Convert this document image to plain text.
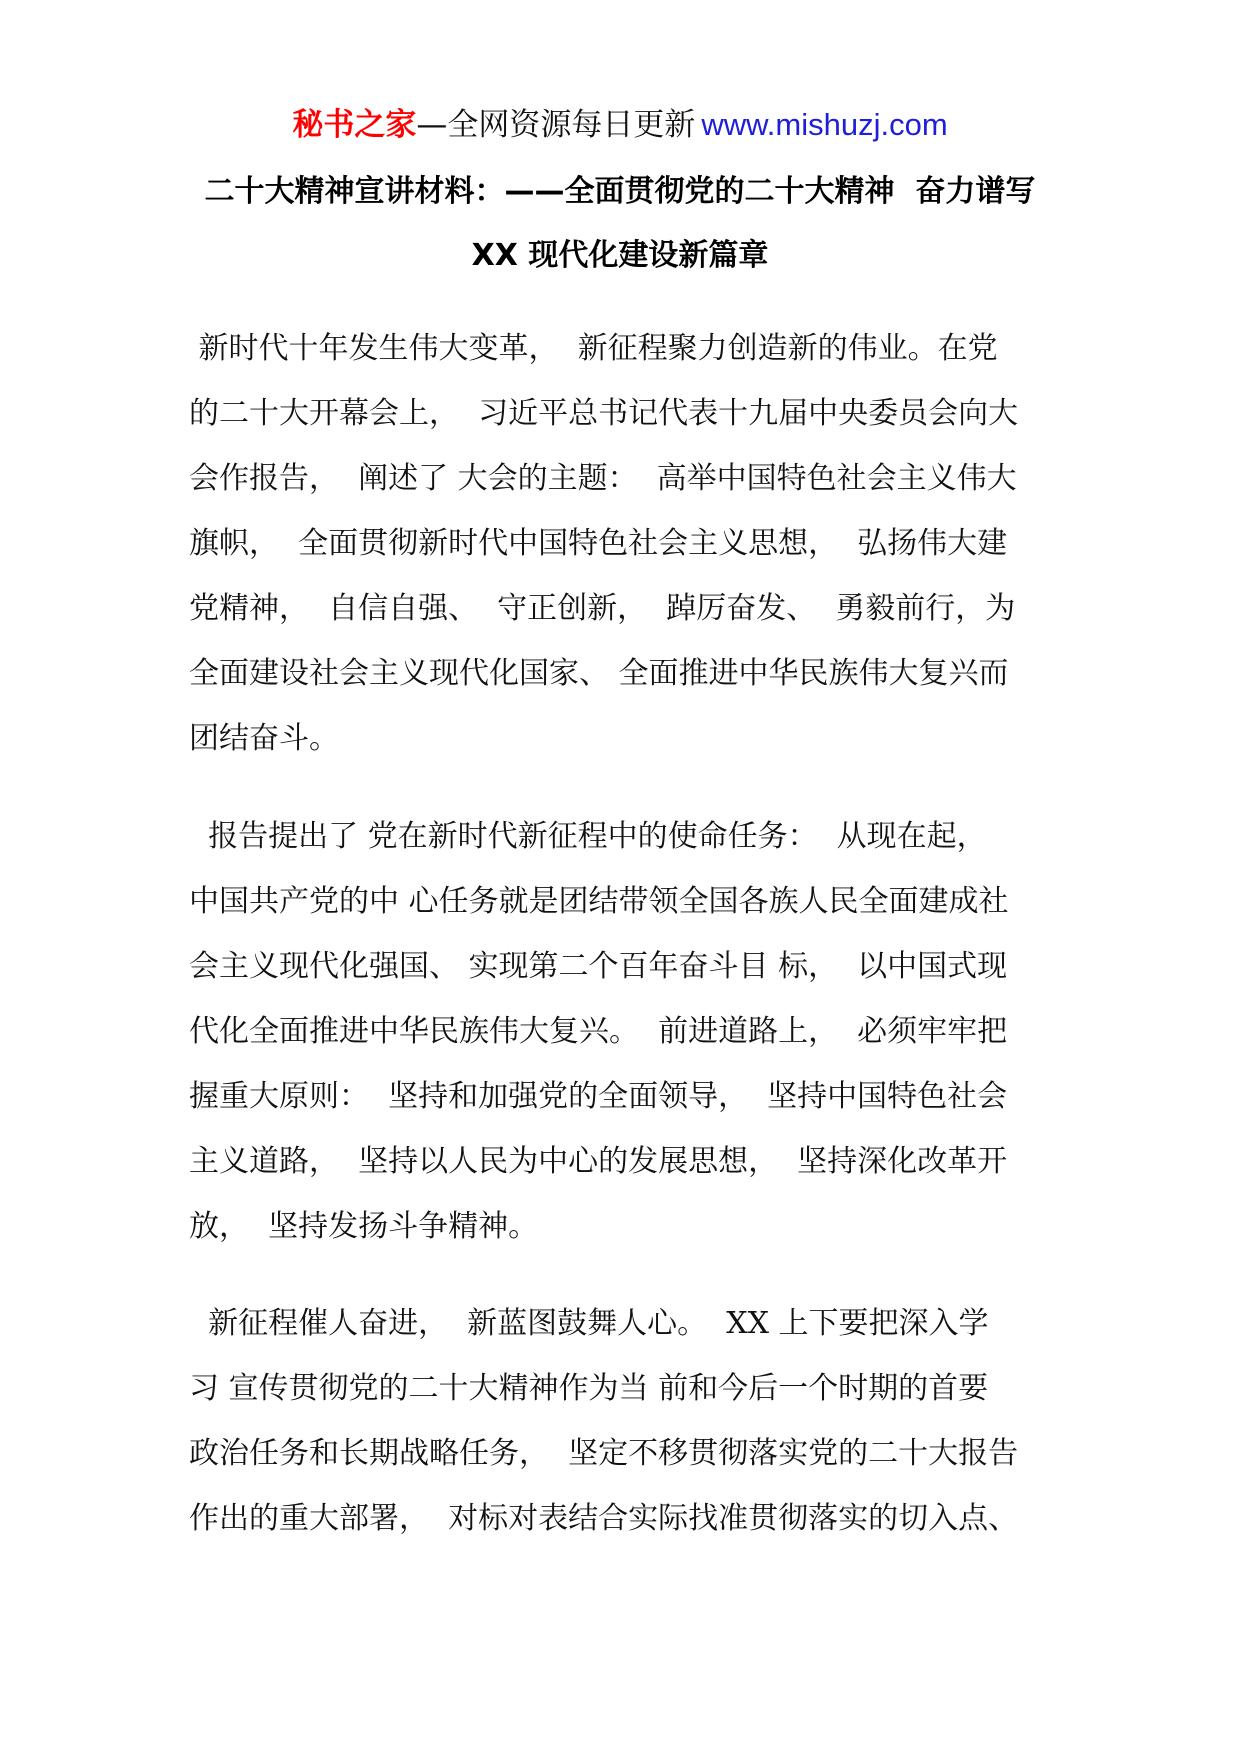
秘书之家—全网资源每日更新 www.mishuzj.com
二十大精神宣讲材料：——全面贯彻党的二十大精神  奋力谱写
XX 现代化建设新篇章
新时代十年发生伟大变革，  新征程聚力创造新的伟业。在党
的二十大开幕会上，  习近平总书记代表十九届中央委员会向大
会作报告，  阐述了 大会的主题：  高举中国特色社会主义伟大
旗帜，  全面贯彻新时代中国特色社会主义思想，  弘扬伟大建
党精神，  自信自强、  守正创新，  踔厉奋发、  勇毅前行，为
全面建设社会主义现代化国家、 全面推进中华民族伟大复兴而
团结奋斗。
报告提出了 党在新时代新征程中的使命任务：  从现在起，
中国共产党的中 心任务就是团结带领全国各族人民全面建成社
会主义现代化强国、 实现第二个百年奋斗目 标，  以中国式现
代化全面推进中华民族伟大复兴。  前进道路上，  必须牢牢把
握重大原则：  坚持和加强党的全面领导，  坚持中国特色社会
主义道路，  坚持以人民为中心的发展思想，  坚持深化改革开
放，  坚持发扬斗争精神。
新征程催人奋进，  新蓝图鼓舞人心。  XX 上下要把深入学
习 宣传贯彻党的二十大精神作为当 前和今后一个时期的首要
政治任务和长期战略任务，  坚定不移贯彻落实党的二十大报告
作出的重大部署，  对标对表结合实际找准贯彻落实的切入点、
